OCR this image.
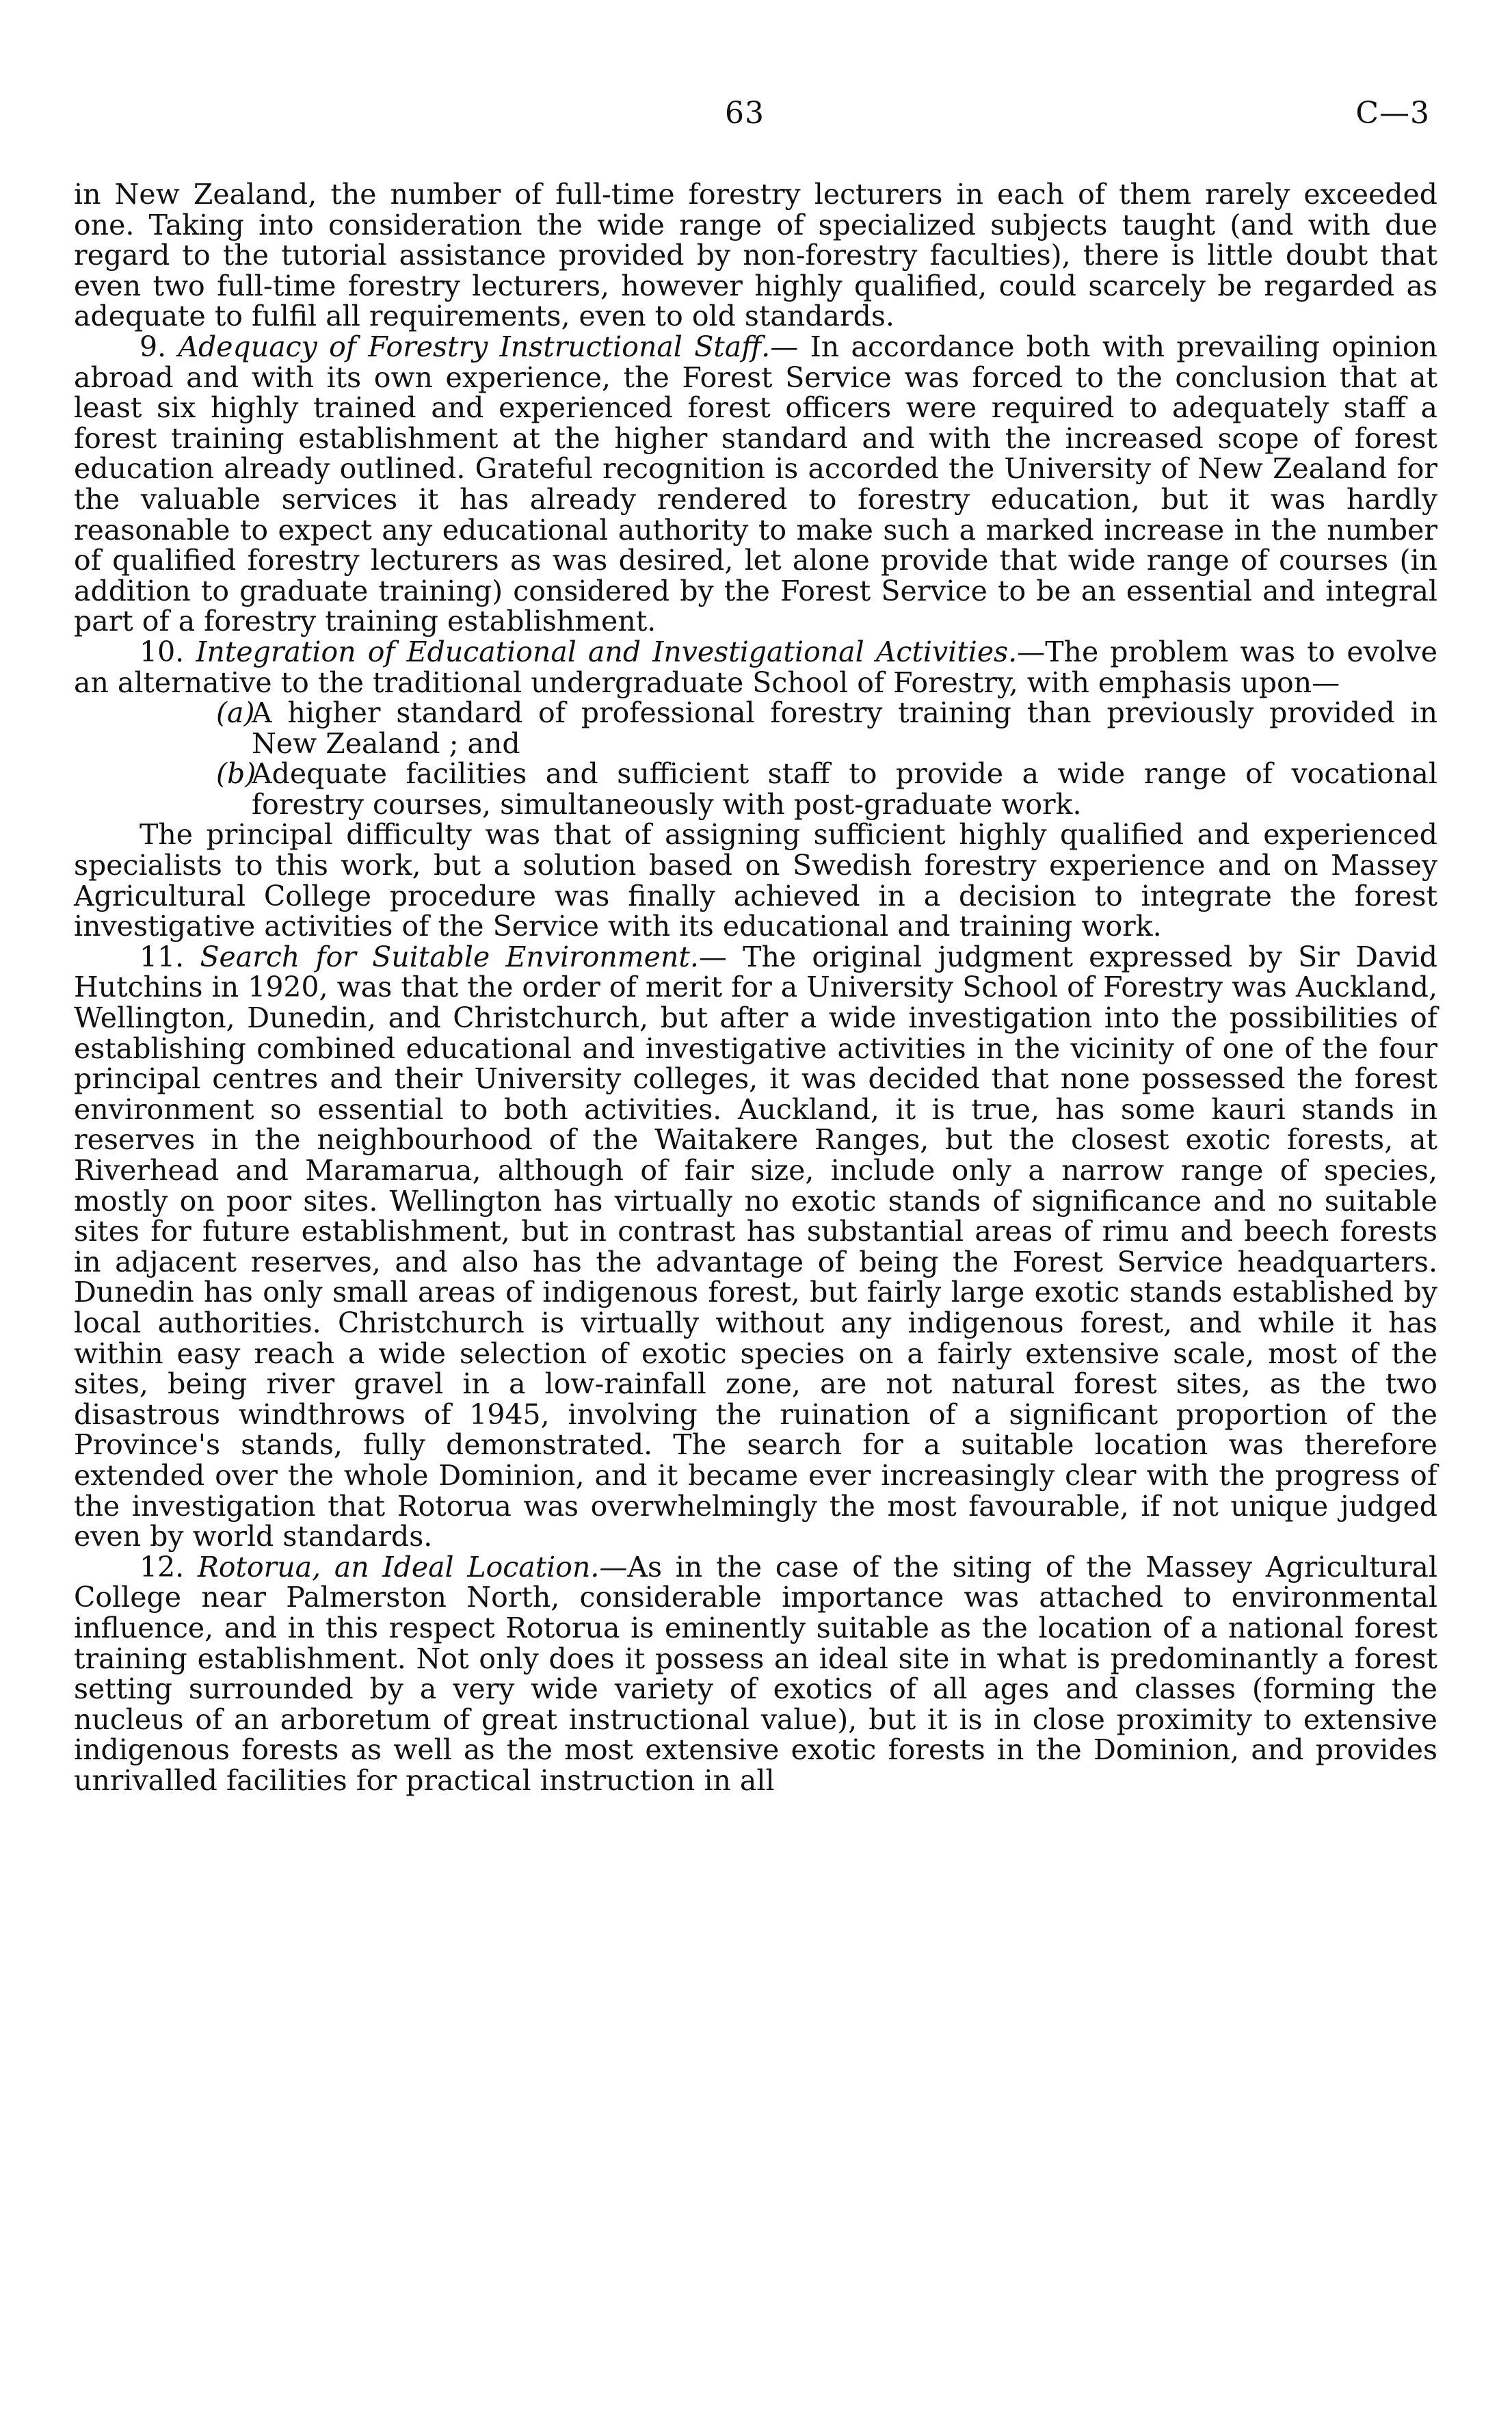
63	C—3

in New Zealand, the number of full-time forestry lecturers in each of them rarely exceeded one. Taking into consideration the wide range of specialized subjects taught (and with due regard to the tutorial assistance provided by non-forestry faculties), there is little doubt that even two full-time forestry lecturers, however highly qualified, could scarcely be regarded as adequate to fulfil all requirements, even to old standards.

9. Adequacy of Forestry Instructional Staff.— In accordance both with prevailing opinion abroad and with its own experience, the Forest Service was forced to the conclusion that at least six highly trained and experienced forest officers were required to adequately staff a forest training establishment at the higher standard and with the increased scope of forest education already outlined. Grateful recognition is accorded the University of New Zealand for the valuable services it has already rendered to forestry education, but it was hardly reasonable to expect any educational authority to make such a marked increase in the number of qualified forestry lecturers as was desired, let alone provide that wide range of courses (in addition to graduate training) considered by the Forest Service to be an essential and integral part of a forestry training establishment.

10. Integration of Educational and Investigational Activities.—The problem was to evolve an alternative to the traditional undergraduate School of Forestry, with emphasis upon—

(a)
A higher standard of professional forestry training than previously provided in New Zealand ; and
(b)
Adequate facilities and sufficient staff to provide a wide range of vocational forestry courses, simultaneously with post-graduate work.

The principal difficulty was that of assigning sufficient highly qualified and experienced specialists to this work, but a solution based on Swedish forestry experience and on Massey Agricultural College procedure was finally achieved in a decision to integrate the forest investigative activities of the Service with its educational and training work.

11. Search for Suitable Environment.— The original judgment expressed by Sir David Hutchins in 1920, was that the order of merit for a University School of Forestry was Auckland, Wellington, Dunedin, and Christchurch, but after a wide investigation into the possibilities of establishing combined educational and investigative activities in the vicinity of one of the four principal centres and their University colleges, it was decided that none possessed the forest environment so essential to both activities. Auckland, it is true, has some kauri stands in reserves in the neighbourhood of the Waitakere Ranges, but the closest exotic forests, at Riverhead and Maramarua, although of fair size, include only a narrow range of species, mostly on poor sites. Wellington has virtually no exotic stands of significance and no suitable sites for future establishment, but in contrast has substantial areas of rimu and beech forests in adjacent reserves, and also has the advantage of being the Forest Service headquarters. Dunedin has only small areas of indigenous forest, but fairly large exotic stands established by local authorities. Christchurch is virtually without any indigenous forest, and while it has within easy reach a wide selection of exotic species on a fairly extensive scale, most of the sites, being river gravel in a low-rainfall zone, are not natural forest sites, as the two disastrous windthrows of 1945, involving the ruination of a significant proportion of the Province's stands, fully demonstrated. The search for a suitable location was therefore extended over the whole Dominion, and it became ever increasingly clear with the progress of the investigation that Rotorua was overwhelmingly the most favourable, if not unique judged even by world standards.

12. Rotorua, an Ideal Location.—As in the case of the siting of the Massey Agricultural College near Palmerston North, considerable importance was attached to environmental influence, and in this respect Rotorua is eminently suitable as the location of a national forest training establishment. Not only does it possess an ideal site in what is predominantly a forest setting surrounded by a very wide variety of exotics of all ages and classes (forming the nucleus of an arboretum of great instructional value), but it is in close proximity to extensive indigenous forests as well as the most extensive exotic forests in the Dominion, and provides unrivalled facilities for practical instruction in all
